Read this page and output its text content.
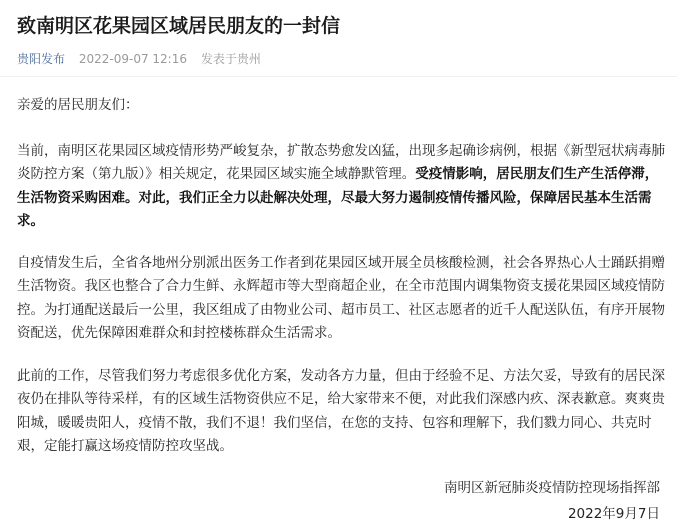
致南明区花果园区域居民朋友的一封信
贵阳发布 2022-09-07 12:16 发表于贵州
亲爱的居民朋友们：
当前，南明区花果园区域疫情形势严峻复杂，扩散态势愈发凶猛，出现多起确诊病例，根据《新型冠状病毒肺炎防控方案（第九版）》相关规定，花果园区域实施全域静默管理。受疫情影响，居民朋友们生产生活停滞，生活物资采购困难。对此，我们正全力以赴解决处理，尽最大努力遏制疫情传播风险，保障居民基本生活需求。
自疫情发生后，全省各地州分别派出医务工作者到花果园区域开展全员核酸检测，社会各界热心人士踊跃捐赠生活物资。我区也整合了合力生鲜、永辉超市等大型商超企业，在全市范围内调集物资支援花果园区域疫情防控。为打通配送最后一公里，我区组成了由物业公司、超市员工、社区志愿者的近千人配送队伍，有序开展物资配送，优先保障困难群众和封控楼栋群众生活需求。
此前的工作，尽管我们努力考虑很多优化方案，发动各方力量，但由于经验不足、方法欠妥，导致有的居民深夜仍在排队等待采样，有的区域生活物资供应不足，给大家带来不便，对此我们深感内疚、深表歉意。爽爽贵阳城，暖暖贵阳人，疫情不散，我们不退！我们坚信，在您的支持、包容和理解下，我们戮力同心、共克时艰，定能打赢这场疫情防控攻坚战。
南明区新冠肺炎疫情防控现场指挥部
2022年9月7日
